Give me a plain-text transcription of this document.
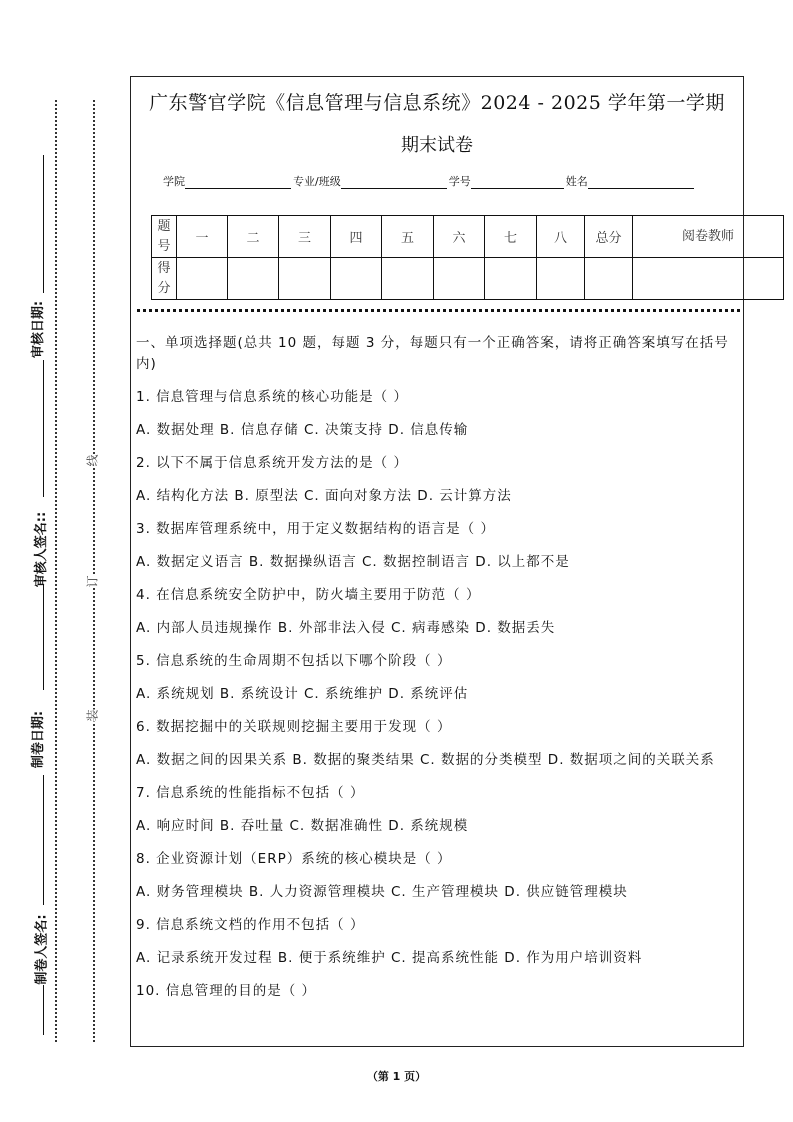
审核日期:
审核人签名::
制卷日期:
制卷人签名:
线
订
装
广东警官学院《信息管理与信息系统》2024 - 2025 学年第一学期
期末试卷
学院	专业/班级	学号	姓名
题号	一	二	三	四	五	六	七	八	总分	阅卷教师
得分										

一、单项选择题(总共 10 题，每题 3 分，每题只有一个正确答案，请将正确答案填写在括号内)

1. 信息管理与信息系统的核心功能是（ ）

A. 数据处理 B. 信息存储 C. 决策支持 D. 信息传输

2. 以下不属于信息系统开发方法的是（ ）

A. 结构化方法 B. 原型法 C. 面向对象方法 D. 云计算方法

3. 数据库管理系统中，用于定义数据结构的语言是（ ）

A. 数据定义语言 B. 数据操纵语言 C. 数据控制语言 D. 以上都不是

4. 在信息系统安全防护中，防火墙主要用于防范（ ）

A. 内部人员违规操作 B. 外部非法入侵 C. 病毒感染 D. 数据丢失

5. 信息系统的生命周期不包括以下哪个阶段（ ）

A. 系统规划 B. 系统设计 C. 系统维护 D. 系统评估

6. 数据挖掘中的关联规则挖掘主要用于发现（ ）

A. 数据之间的因果关系 B. 数据的聚类结果 C. 数据的分类模型 D. 数据项之间的关联关系

7. 信息系统的性能指标不包括（ ）

A. 响应时间 B. 吞吐量 C. 数据准确性 D. 系统规模

8. 企业资源计划（ERP）系统的核心模块是（ ）

A. 财务管理模块 B. 人力资源管理模块 C. 生产管理模块 D. 供应链管理模块

9. 信息系统文档的作用不包括（ ）

A. 记录系统开发过程 B. 便于系统维护 C. 提高系统性能 D. 作为用户培训资料

10. 信息管理的目的是（ ）

（第 1 页）
